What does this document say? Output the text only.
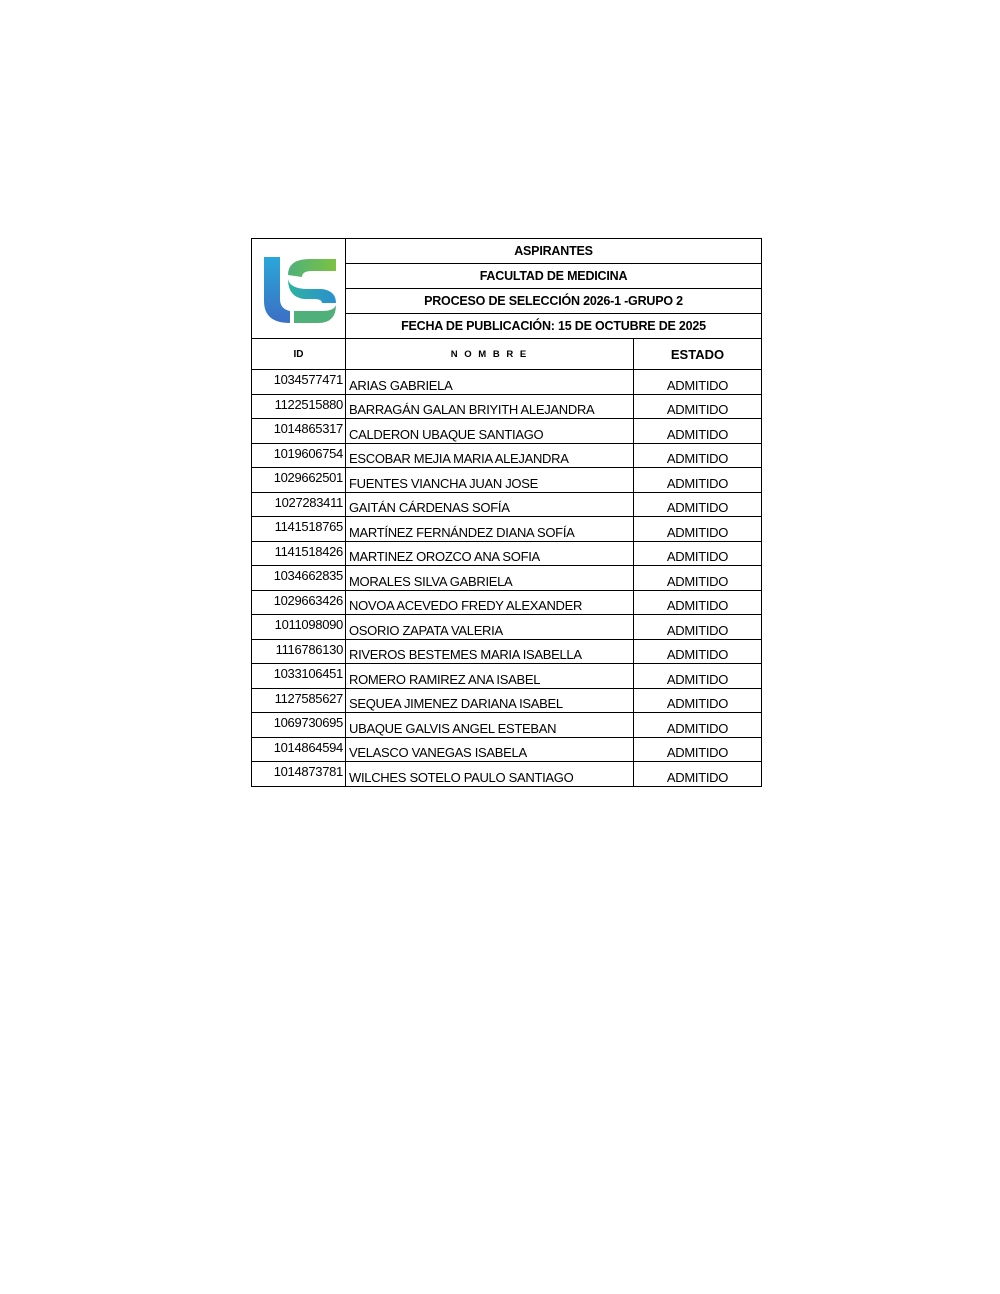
	ASPIRANTES	
	FACULTAD DE MEDICINA	
	PROCESO DE SELECCIÓN 2026-1 -GRUPO 2	
	FECHA DE PUBLICACIÓN: 15 DE OCTUBRE DE 2025	
ID	N O M B R E	ESTADO
1034577471	ARIAS GABRIELA	ADMITIDO
1122515880	BARRAGÁN GALAN BRIYITH ALEJANDRA	ADMITIDO
1014865317	CALDERON UBAQUE SANTIAGO	ADMITIDO
1019606754	ESCOBAR MEJIA MARIA ALEJANDRA	ADMITIDO
1029662501	FUENTES VIANCHA JUAN JOSE	ADMITIDO
1027283411	GAITÁN CÁRDENAS SOFÍA	ADMITIDO
1141518765	MARTÍNEZ FERNÁNDEZ DIANA SOFÍA	ADMITIDO
1141518426	MARTINEZ OROZCO ANA SOFIA	ADMITIDO
1034662835	MORALES SILVA GABRIELA	ADMITIDO
1029663426	NOVOA ACEVEDO FREDY ALEXANDER	ADMITIDO
1011098090	OSORIO ZAPATA VALERIA	ADMITIDO
1116786130	RIVEROS BESTEMES MARIA ISABELLA	ADMITIDO
1033106451	ROMERO RAMIREZ ANA ISABEL	ADMITIDO
1127585627	SEQUEA JIMENEZ DARIANA ISABEL	ADMITIDO
1069730695	UBAQUE GALVIS ANGEL ESTEBAN	ADMITIDO
1014864594	VELASCO VANEGAS ISABELA	ADMITIDO
1014873781	WILCHES SOTELO PAULO SANTIAGO	ADMITIDO
